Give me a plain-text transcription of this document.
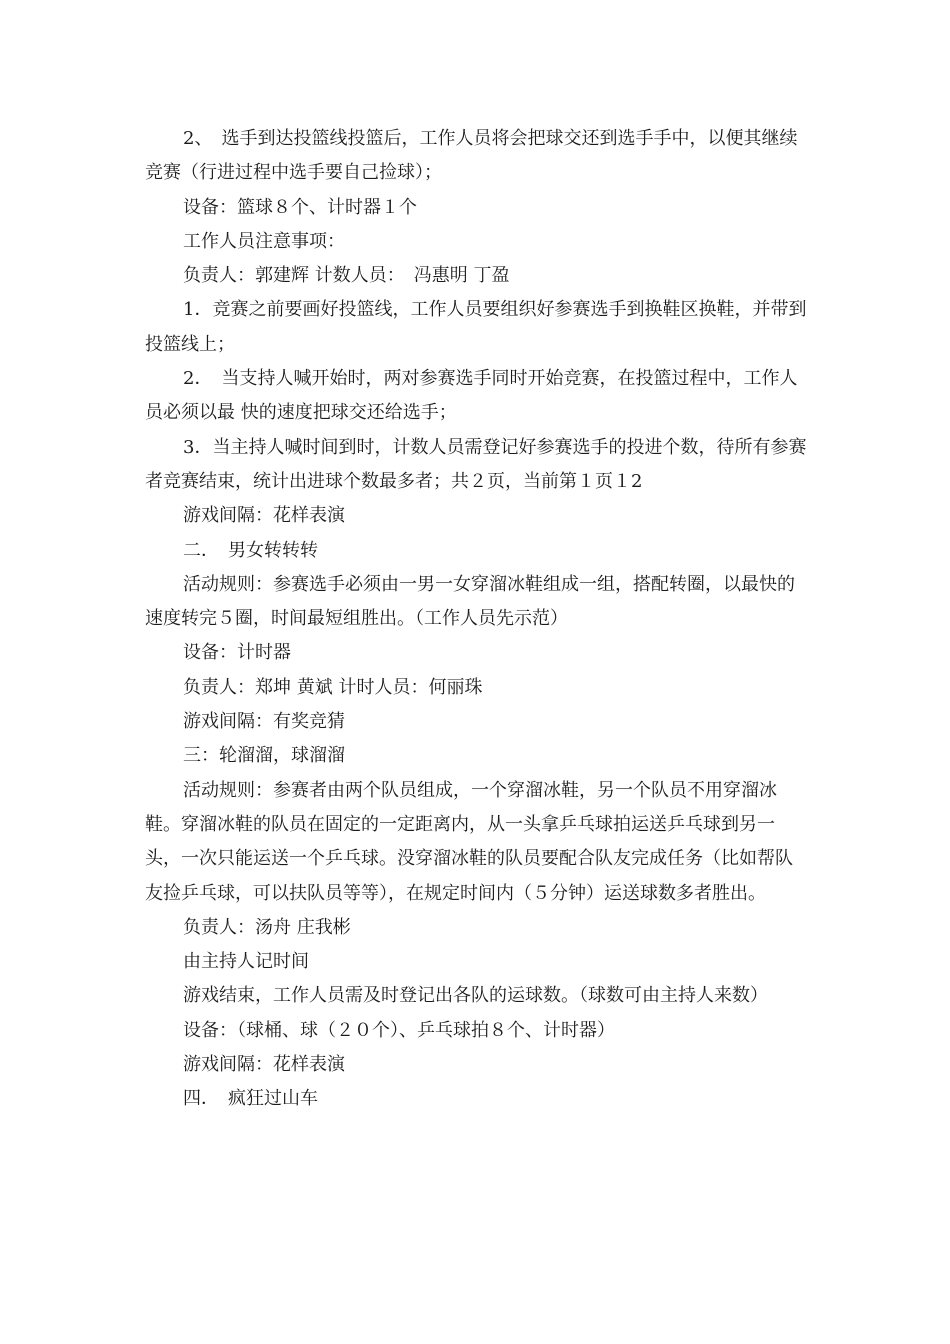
2、　选手到达投篮线投篮后，工作人员将会把球交还到选手手中，以便其继续竞赛（行进过程中选手要自己捡球）；

设备：篮球８个、计时器１个

工作人员注意事项：

负责人：郭建辉 计数人员：　冯惠明 丁盈

1．竞赛之前要画好投篮线，工作人员要组织好参赛选手到换鞋区换鞋，并带到投篮线上；

2．　当支持人喊开始时，两对参赛选手同时开始竞赛，在投篮过程中，工作人员必须以最 快的速度把球交还给选手；

3．当主持人喊时间到时，计数人员需登记好参赛选手的投进个数，待所有参赛者竞赛结束，统计出进球个数最多者；共２页，当前第１页１2

游戏间隔：花样表演

二．　男女转转转

活动规则：参赛选手必须由一男一女穿溜冰鞋组成一组，搭配转圈，以最快的速度转完５圈，时间最短组胜出。（工作人员先示范）

设备：计时器

负责人：郑坤 黄斌 计时人员：何丽珠

游戏间隔：有奖竞猜

三：轮溜溜，球溜溜

活动规则：参赛者由两个队员组成，一个穿溜冰鞋，另一个队员不用穿溜冰鞋。穿溜冰鞋的队员在固定的一定距离内，从一头拿乒乓球拍运送乒乓球到另一头，一次只能运送一个乒乓球。没穿溜冰鞋的队员要配合队友完成任务（比如帮队友捡乒乓球，可以扶队员等等），在规定时间内（５分钟）运送球数多者胜出。

负责人：汤舟 庄我彬

由主持人记时间

游戏结束，工作人员需及时登记出各队的运球数。（球数可由主持人来数）

设备：（球桶、球（２０个）、乒乓球拍８个、计时器）

游戏间隔：花样表演

四．　疯狂过山车
